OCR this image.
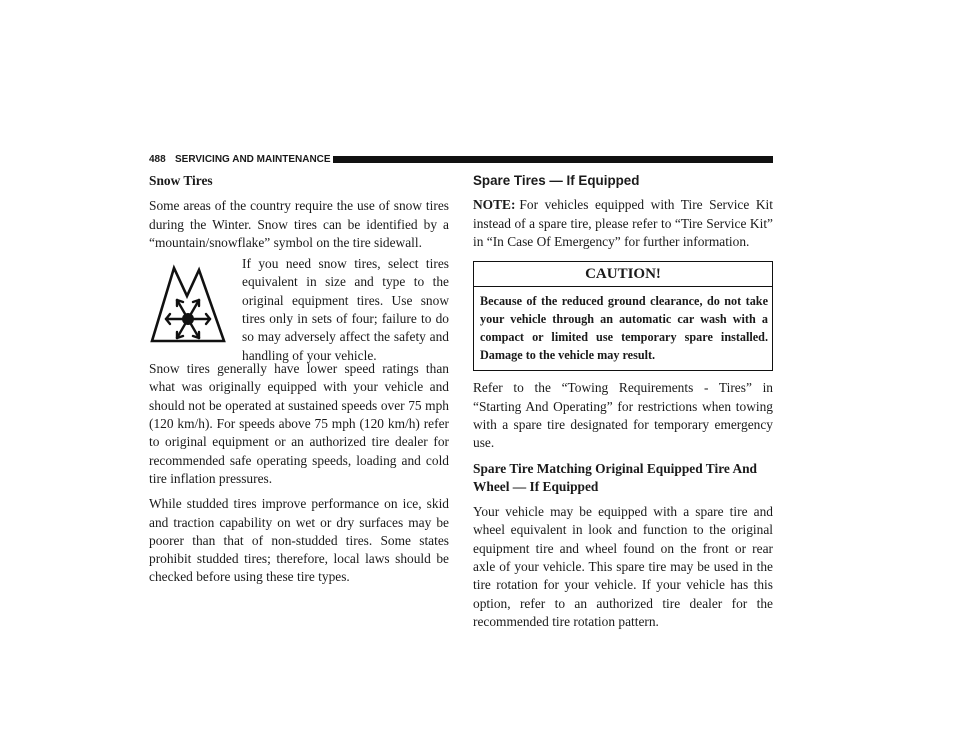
488 SERVICING AND MAINTENANCE
Snow Tires

Some areas of the country require the use of snow tires during the Winter. Snow tires can be identified by a “mountain/snowflake” symbol on the tire sidewall.

If you need snow tires, select tires equivalent in size and type to the original equipment tires. Use snow tires only in sets of four; failure to do so may adversely affect the safety and handling of your vehicle.

Snow tires generally have lower speed ratings than what was originally equipped with your vehicle and should not be operated at sustained speeds over 75 mph (120 km/h). For speeds above 75 mph (120 km/h) refer to original equipment or an authorized tire dealer for recommended safe operating speeds, loading and cold tire inflation pressures.

While studded tires improve performance on ice, skid and traction capability on wet or dry surfaces may be poorer than that of non-studded tires. Some states prohibit studded tires; therefore, local laws should be checked before using these tire types.

Spare Tires — If Equipped

NOTE: For vehicles equipped with Tire Service Kit instead of a spare tire, please refer to “Tire Service Kit” in “In Case Of Emergency” for further information.

CAUTION!
Because of the reduced ground clearance, do not take your vehicle through an automatic car wash with a compact or limited use temporary spare installed. Damage to the vehicle may result.

Refer to the “Towing Requirements - Tires” in “Starting And Operating” for restrictions when towing with a spare tire designated for temporary emergency use.

Spare Tire Matching Original Equipped Tire And Wheel — If Equipped

Your vehicle may be equipped with a spare tire and wheel equivalent in look and function to the original equipment tire and wheel found on the front or rear axle of your vehicle. This spare tire may be used in the tire rotation for your vehicle. If your vehicle has this option, refer to an authorized tire dealer for the recommended tire rotation pattern.
